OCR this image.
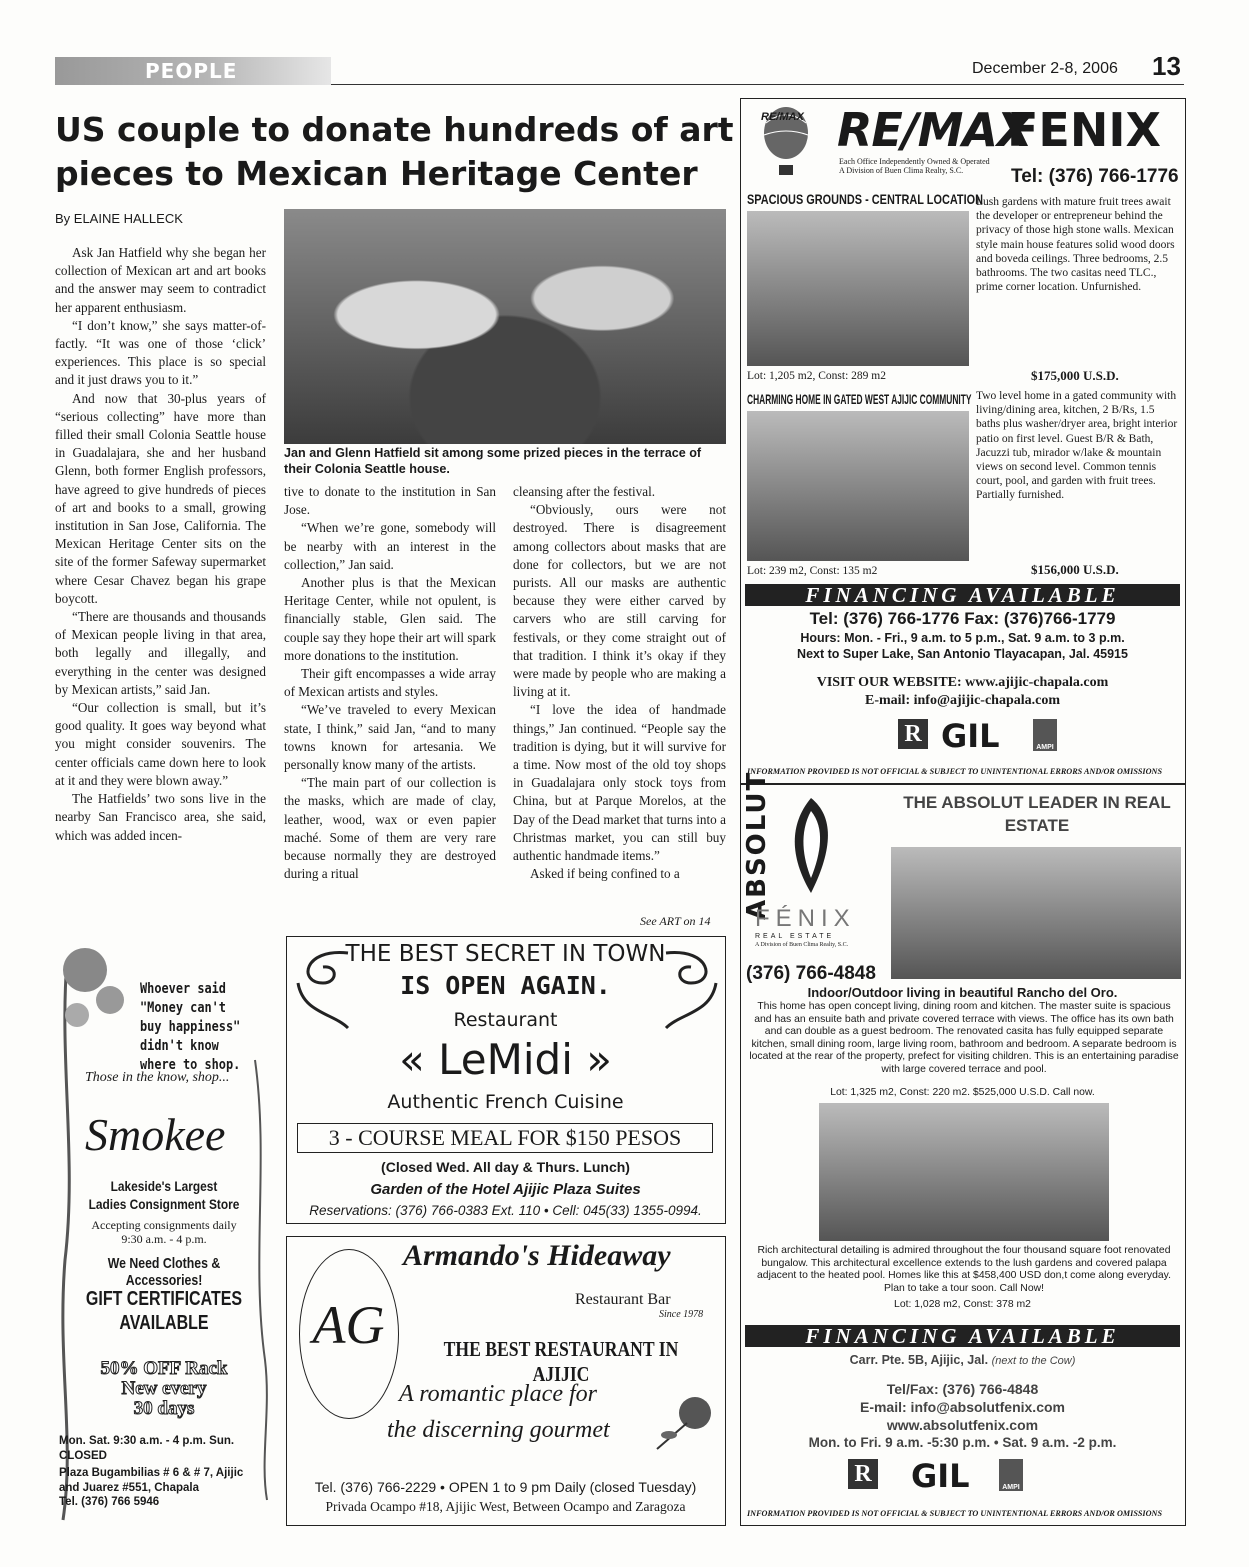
PEOPLE	December 2-8, 2006 13
US couple to donate hundreds of art pieces to Mexican Heritage Center
By ELAINE HALLECK
Jan and Glenn Hatfield sit among some prized pieces in the terrace of their Colonia Seattle house.

Ask Jan Hatfield why she began her collection of Mexican art and art books and the answer may seem to contradict her apparent enthusiasm.

“I don’t know,” she says matter-of-factly. “It was one of those ‘click’ experiences. This place is so special and it just draws you to it.”

And now that 30-plus years of “serious collecting” have more than filled their small Colonia Seattle house in Guadalajara, she and her husband Glenn, both former English professors, have agreed to give hundreds of pieces of art and books to a small, growing institution in San Jose, California. The Mexican Heritage Center sits on the site of the former Safeway supermarket where Cesar Chavez began his grape boycott.

“There are thousands and thousands of Mexican people living in that area, both legally and illegally, and everything in the center was designed by Mexican artists,” said Jan.

“Our collection is small, but it’s good quality. It goes way beyond what you might consider souvenirs. The center officials came down here to look at it and they were blown away.”

The Hatfields’ two sons live in the nearby San Francisco area, she said, which was added incen-

tive to donate to the institution in San Jose.

“When we’re gone, somebody will be nearby with an interest in the collection,” Jan said.

Another plus is that the Mexican Heritage Center, while not opulent, is financially stable, Glen said. The couple say they hope their art will spark more donations to the institution.

Their gift encompasses a wide array of Mexican artists and styles.

“We’ve traveled to every Mexican state, I think,” said Jan, “and to many towns known for artesania. We personally know many of the artists.

“The main part of our collection is the masks, which are made of clay, leather, wood, wax or even papier maché. Some of them are very rare because normally they are destroyed during a ritual

cleansing after the festival.

“Obviously, ours were not destroyed. There is disagreement among collectors about masks that are done for collectors, but we are not purists. All our masks are authentic because they were either carved by carvers who are still carving for festivals, or they come straight out of that tradition. I think it’s okay if they were made by people who are making a living at it.

“I love the idea of handmade things,” Jan continued. “People say the tradition is dying, but it will survive for a time. Now most of the old toy shops in Guadalajara only stock toys from China, but at Parque Morelos, at the Day of the Dead market that turns into a Christmas market, you can still buy authentic handmade items.”

Asked if being confined to a

See ART on 14
RE/MAX RE/MAX
FENIX
Each Office Independently Owned & Operated
A Division of Buen Clima Realty, S.C.	Tel: (376) 766-1776
SPACIOUS GROUNDS - CENTRAL LOCATION
Lush gardens with mature fruit trees await the developer or entrepreneur behind the privacy of those high stone walls. Mexican style main house features solid wood doors and boveda ceilings. Three bedrooms, 2.5 bathrooms. The two casitas need TLC., prime corner location. Unfurnished.
Lot: 1,205 m2, Const: 289 m2	$175,000 U.S.D.
CHARMING HOME IN GATED WEST AJIJIC COMMUNITY Two level home in a gated community with living/dining area, kitchen, 2 B/Rs, 1.5 baths plus washer/dryer area, bright interior patio on first level. Guest B/R & Bath, Jacuzzi tub, mirador w/lake & mountain views on second level. Common tennis court, pool, and garden with fruit trees. Partially furnished.
Lot: 239 m2, Const: 135 m2	$156,000 U.S.D.
FINANCING AVAILABLE
Tel: (376) 766-1776 Fax: (376)766-1779
Hours: Mon. - Fri., 9 a.m. to 5 p.m., Sat. 9 a.m. to 3 p.m.
Next to Super Lake, San Antonio Tlayacapan, Jal. 45915
VISIT OUR WEBSITE: www.ajijic-chapala.com
E-mail: info@ajijic-chapala.com
R GIL	AMPI
INFORMATION PROVIDED IS NOT OFFICIAL & SUBJECT TO UNINTENTIONAL ERRORS AND/OR OMISSIONS
ABSOLUT
FÉNIX
REAL ESTATE
A Division of Buen Clima Realty, S.C.
THE ABSOLUT LEADER IN REAL ESTATE
(376) 766-4848
Indoor/Outdoor living in beautiful Rancho del Oro.
This home has open concept living, dining room and kitchen. The master suite is spacious and has an ensuite bath and private covered terrace with views. The office has its own bath and can double as a guest bedroom. The renovated casita has fully equipped separate kitchen, small dining room, large living room, bathroom and bedroom. A separate bedroom is located at the rear of the property, prefect for visiting children. This is an entertaining paradise with large covered terrace and pool.
Lot: 1,325 m2, Const: 220 m2. $525,000 U.S.D. Call now.
Rich architectural detailing is admired throughout the four thousand square foot renovated bungalow. This architectural excellence extends to the lush gardens and covered palapa adjacent to the heated pool. Homes like this at $458,400 USD don,t come along everyday. Plan to take a tour soon. Call Now!
Lot: 1,028 m2, Const: 378 m2
FINANCING AVAILABLE
Carr. Pte. 5B, Ajijic, Jal. (next to the Cow)
Tel/Fax: (376) 766-4848
E-mail: info@absolutfenix.com
www.absolutfenix.com
Mon. to Fri. 9 a.m. -5:30 p.m. • Sat. 9 a.m. -2 p.m.
R GIL	AMPI
INFORMATION PROVIDED IS NOT OFFICIAL & SUBJECT TO UNINTENTIONAL ERRORS AND/OR OMISSIONS
Whoever said "Money can't buy happiness" didn't know where to shop.
Those in the know, shop...
Smokee
Lakeside's Largest
Ladies Consignment Store
Accepting consignments daily
9:30 a.m. - 4 p.m.
We Need Clothes & Accessories!
GIFT CERTIFICATES
AVAILABLE
50% OFF Rack
New every
30 days
Mon. Sat. 9:30 a.m. - 4 p.m. Sun. CLOSED
Plaza Bugambilias # 6 & # 7, Ajijic and Juarez #551, Chapala
Tel. (376) 766 5946
THE BEST SECRET IN TOWN
IS OPEN AGAIN.
Restaurant
« LeMidi »
Authentic French Cuisine
3 - COURSE MEAL FOR $150 PESOS
(Closed Wed. All day & Thurs. Lunch)
Garden of the Hotel Ajijic Plaza Suites
Reservations: (376) 766-0383 Ext. 110 • Cell: 045(33) 1355-0994.
AG
Armando's Hideaway
Restaurant Bar
Since 1978
THE BEST RESTAURANT IN AJIJIC
A romantic place for
the discerning gourmet
Tel. (376) 766-2229 • OPEN 1 to 9 pm Daily (closed Tuesday)
Privada Ocampo #18, Ajijic West, Between Ocampo and Zaragoza
